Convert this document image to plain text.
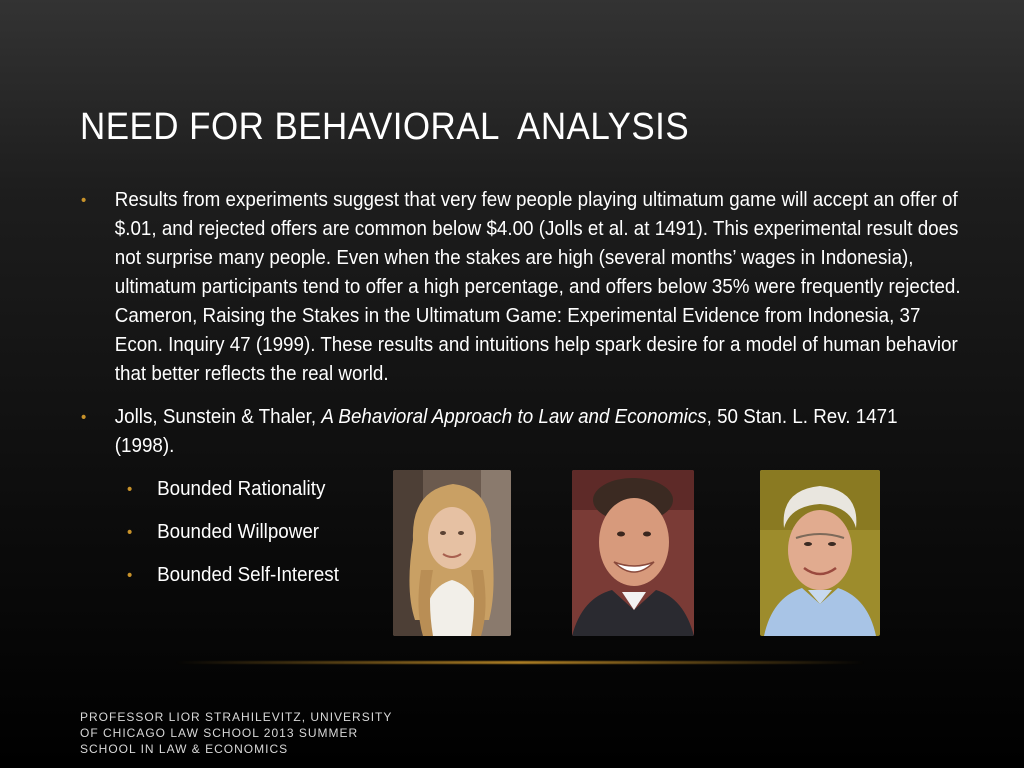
NEED FOR BEHAVIORAL  ANALYSIS
• Results from experiments suggest that very few people playing ultimatum game will accept an offer of $.01, and rejected offers are common below $4.00 (Jolls et al. at 1491). This experimental result does not surprise many people. Even when the stakes are high (several months’ wages in Indonesia), ultimatum participants tend to offer a high percentage, and offers below 35% were frequently rejected. Cameron, Raising the Stakes in the Ultimatum Game: Experimental Evidence from Indonesia, 37 Econ. Inquiry 47 (1999). These results and intuitions help spark desire for a model of human behavior that better reflects the real world.
• Jolls, Sunstein & Thaler, A Behavioral Approach to Law and Economics, 50 Stan. L. Rev. 1471 (1998).
• Bounded Rationality
• Bounded Willpower
• Bounded Self-Interest
PROFESSOR LIOR STRAHILEVITZ, UNIVERSITY OF CHICAGO LAW SCHOOL 2013 SUMMER SCHOOL IN LAW & ECONOMICS
